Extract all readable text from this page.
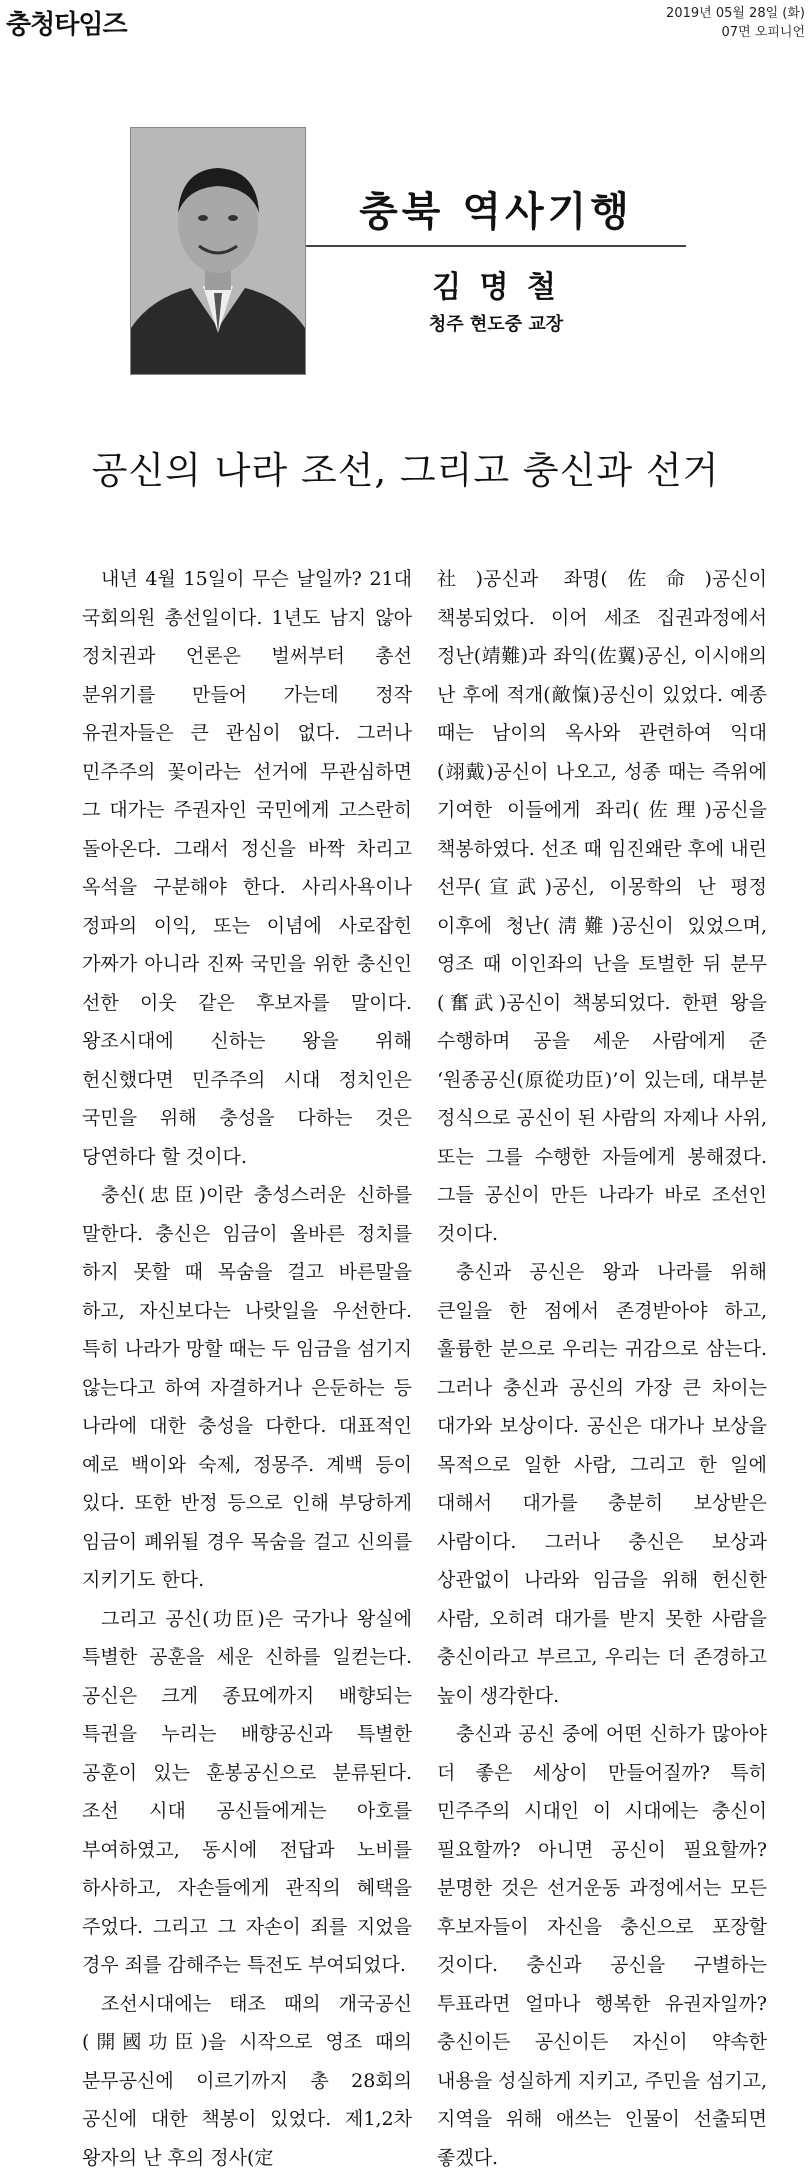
충청타임즈	2019년 05월 28일 (화)
07면 오피니언
충북 역사기행
김 명 철
청주 현도중 교장
공신의 나라 조선, 그리고 충신과 선거

내년 4월 15일이 무슨 날일까? 21대 국회의원 총선일이다. 1년도 남지 않아 정치권과 언론은 벌써부터 총선 분위기를 만들어 가는데 정작 유권자들은 큰 관심이 없다. 그러나 민주주의 꽃이라는 선거에 무관심하면 그 대가는 주권자인 국민에게 고스란히 돌아온다. 그래서 정신을 바짝 차리고 옥석을 구분해야 한다. 사리사욕이나 정파의 이익, 또는 이념에 사로잡힌 가짜가 아니라 진짜 국민을 위한 충신인 선한 이웃 같은 후보자를 말이다. 왕조시대에 신하는 왕을 위해 헌신했다면 민주주의 시대 정치인은 국민을 위해 충성을 다하는 것은 당연하다 할 것이다.

충신(忠臣)이란 충성스러운 신하를 말한다. 충신은 임금이 올바른 정치를 하지 못할 때 목숨을 걸고 바른말을 하고, 자신보다는 나랏일을 우선한다. 특히 나라가 망할 때는 두 임금을 섬기지 않는다고 하여 자결하거나 은둔하는 등 나라에 대한 충성을 다한다. 대표적인 예로 백이와 숙제, 정몽주. 계백 등이 있다. 또한 반정 등으로 인해 부당하게 임금이 폐위될 경우 목숨을 걸고 신의를 지키기도 한다.

그리고 공신(功臣)은 국가나 왕실에 특별한 공훈을 세운 신하를 일컫는다. 공신은 크게 종묘에까지 배향되는 특권을 누리는 배향공신과 특별한 공훈이 있는 훈봉공신으로 분류된다. 조선 시대 공신들에게는 아호를 부여하였고, 동시에 전답과 노비를 하사하고, 자손들에게 관직의 혜택을 주었다. 그리고 그 자손이 죄를 지었을 경우 죄를 감해주는 특전도 부여되었다.

조선시대에는 태조 때의 개국공신(開國功臣)을 시작으로 영조 때의 분무공신에 이르기까지 총 28회의 공신에 대한 책봉이 있었다. 제1,2차 왕자의 난 후의 정사(定

社)공신과 좌명(佐命)공신이 책봉되었다. 이어 세조 집권과정에서 정난(靖難)과 좌익(佐翼)공신, 이시애의 난 후에 적개(敵愾)공신이 있었다. 예종 때는 남이의 옥사와 관련하여 익대(翊戴)공신이 나오고, 성종 때는 즉위에 기여한 이들에게 좌리(佐理)공신을 책봉하였다. 선조 때 임진왜란 후에 내린 선무(宣武)공신, 이몽학의 난 평정 이후에 청난(淸難)공신이 있었으며, 영조 때 이인좌의 난을 토벌한 뒤 분무(奮武)공신이 책봉되었다. 한편 왕을 수행하며 공을 세운 사람에게 준 ‘원종공신(原從功臣)’이 있는데, 대부분 정식으로 공신이 된 사람의 자제나 사위, 또는 그를 수행한 자들에게 봉해졌다. 그들 공신이 만든 나라가 바로 조선인 것이다.

충신과 공신은 왕과 나라를 위해 큰일을 한 점에서 존경받아야 하고, 훌륭한 분으로 우리는 귀감으로 삼는다. 그러나 충신과 공신의 가장 큰 차이는 대가와 보상이다. 공신은 대가나 보상을 목적으로 일한 사람, 그리고 한 일에 대해서 대가를 충분히 보상받은 사람이다. 그러나 충신은 보상과 상관없이 나라와 임금을 위해 헌신한 사람, 오히려 대가를 받지 못한 사람을 충신이라고 부르고, 우리는 더 존경하고 높이 생각한다.

충신과 공신 중에 어떤 신하가 많아야 더 좋은 세상이 만들어질까? 특히 민주주의 시대인 이 시대에는 충신이 필요할까? 아니면 공신이 필요할까? 분명한 것은 선거운동 과정에서는 모든 후보자들이 자신을 충신으로 포장할 것이다. 충신과 공신을 구별하는 투표라면 얼마나 행복한 유권자일까? 충신이든 공신이든 자신이 약속한 내용을 성실하게 지키고, 주민을 섬기고, 지역을 위해 애쓰는 인물이 선출되면 좋겠다.
